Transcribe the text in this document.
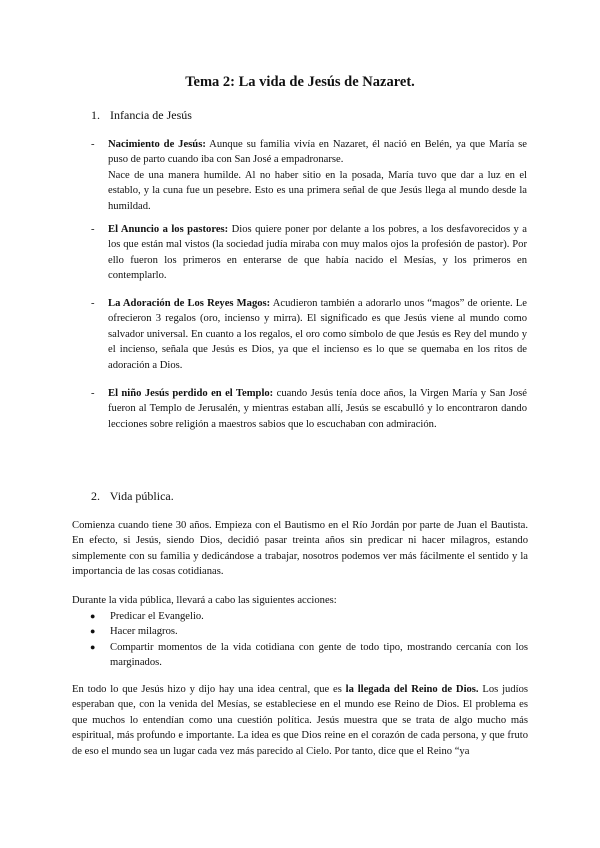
Tema 2: La vida de Jesús de Nazaret.
1. Infancia de Jesús
- Nacimiento de Jesús: Aunque su familia vivía en Nazaret, él nació en Belén, ya que María se puso de parto cuando iba con San José a empadronarse.

Nace de una manera humilde. Al no haber sitio en la posada, María tuvo que dar a luz en el establo, y la cuna fue un pesebre. Esto es una primera señal de que Jesús llega al mundo desde la humildad.

- El Anuncio a los pastores: Dios quiere poner por delante a los pobres, a los desfavorecidos y a los que están mal vistos (la sociedad judía miraba con muy malos ojos la profesión de pastor). Por ello fueron los primeros en enterarse de que había nacido el Mesías, y los primeros en contemplarlo.

- La Adoración de Los Reyes Magos: Acudieron también a adorarlo unos “magos” de oriente. Le ofrecieron 3 regalos (oro, incienso y mirra). El significado es que Jesús viene al mundo como salvador universal. En cuanto a los regalos, el oro como símbolo de que Jesús es Rey del mundo y el incienso, señala que Jesús es Dios, ya que el incienso es lo que se quemaba en los ritos de adoración a Dios.

- El niño Jesús perdido en el Templo: cuando Jesús tenía doce años, la Virgen María y San José fueron al Templo de Jerusalén, y mientras estaban allí, Jesús se escabulló y lo encontraron dando lecciones sobre religión a maestros sabios que lo escuchaban con admiración.

2. Vida pública.

Comienza cuando tiene 30 años. Empieza con el Bautismo en el Río Jordán por parte de Juan el Bautista. En efecto, si Jesús, siendo Dios, decidió pasar treinta años sin predicar ni hacer milagros, estando simplemente con su familia y dedicándose a trabajar, nosotros podemos ver más fácilmente el sentido y la importancia de las cosas cotidianas.

Durante la vida pública, llevará a cabo las siguientes acciones:

● Predicar el Evangelio.
● Hacer milagros.
● Compartir momentos de la vida cotidiana con gente de todo tipo, mostrando cercanía con los marginados.

En todo lo que Jesús hizo y dijo hay una idea central, que es la llegada del Reino de Dios. Los judíos esperaban que, con la venida del Mesías, se estableciese en el mundo ese Reino de Dios. El problema es que muchos lo entendían como una cuestión política. Jesús muestra que se trata de algo mucho más espiritual, más profundo e importante. La idea es que Dios reine en el corazón de cada persona, y que fruto de eso el mundo sea un lugar cada vez más parecido al Cielo. Por tanto, dice que el Reino “ya
